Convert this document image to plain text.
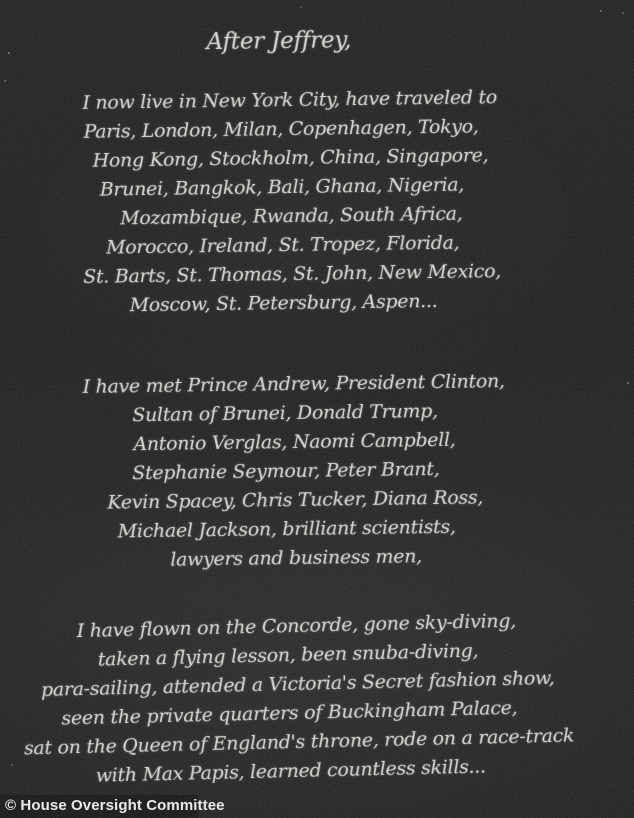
After Jeffrey,
I now live in New York City, have traveled to
Paris, London, Milan, Copenhagen, Tokyo,
Hong Kong, Stockholm, China, Singapore,
Brunei, Bangkok, Bali, Ghana, Nigeria,
Mozambique, Rwanda, South Africa,
Morocco, Ireland, St. Tropez, Florida,
St. Barts, St. Thomas, St. John, New Mexico,
Moscow, St. Petersburg, Aspen...
I have met Prince Andrew, President Clinton,
Sultan of Brunei, Donald Trump,
Antonio Verglas, Naomi Campbell,
Stephanie Seymour, Peter Brant,
Kevin Spacey, Chris Tucker, Diana Ross,
Michael Jackson, brilliant scientists,
lawyers and business men,
I have flown on the Concorde, gone sky-diving,
taken a flying lesson, been snuba-diving,
para-sailing, attended a Victoria's Secret fashion show,
seen the private quarters of Buckingham Palace,
sat on the Queen of England's throne, rode on a race-track
with Max Papis, learned countless skills...
© House Oversight Committee
